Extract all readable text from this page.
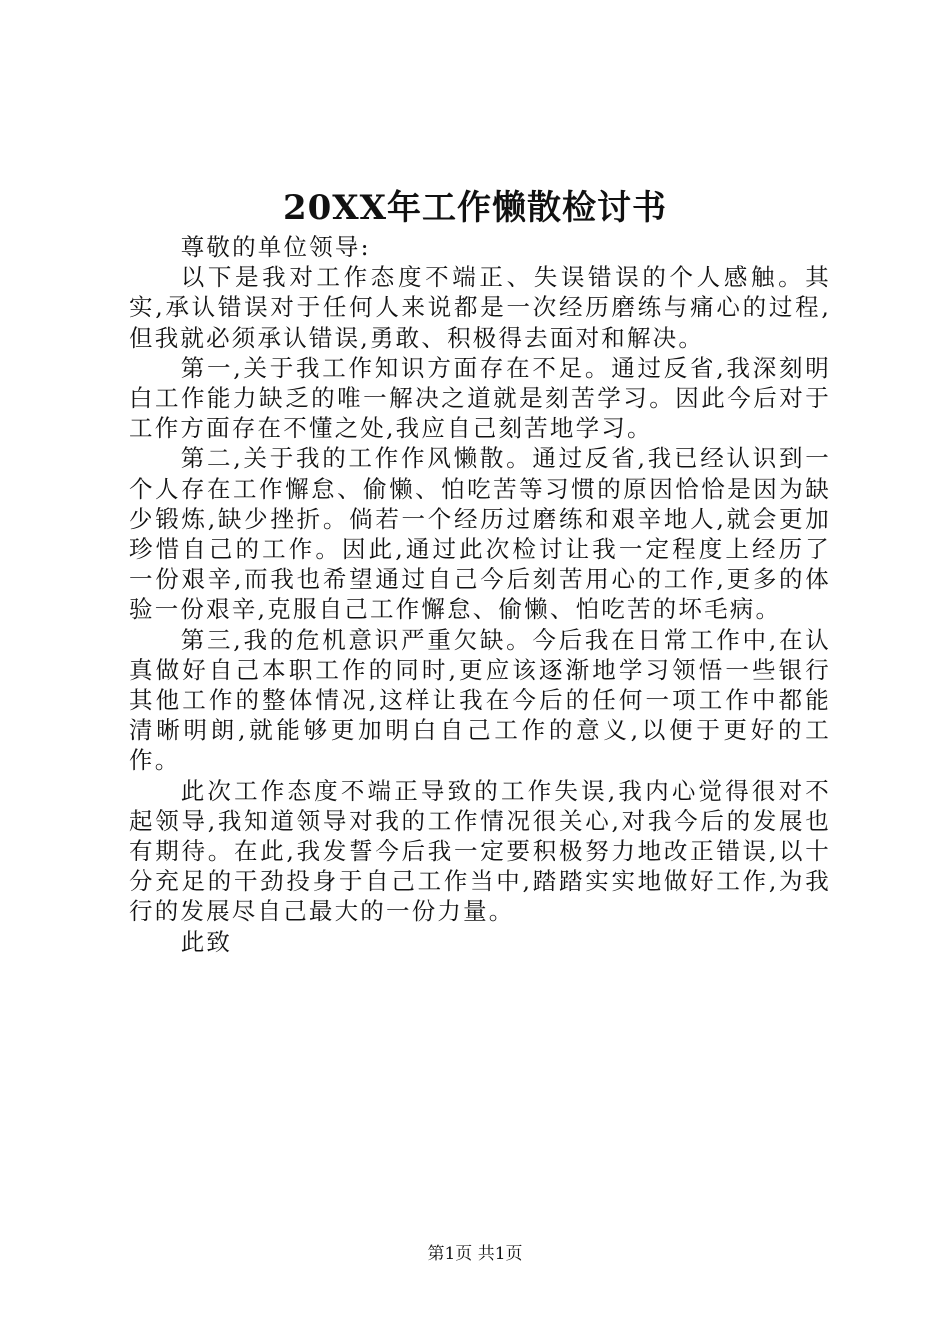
20XX年工作懒散检讨书

尊敬的单位领导:

以下是我对工作态度不端正、失误错误的个人感触。其实,承认错误对于任何人来说都是一次经历磨练与痛心的过程,但我就必须承认错误,勇敢、积极得去面对和解决。

第一,关于我工作知识方面存在不足。通过反省,我深刻明白工作能力缺乏的唯一解决之道就是刻苦学习。因此今后对于工作方面存在不懂之处,我应自己刻苦地学习。

第二,关于我的工作作风懒散。通过反省,我已经认识到一个人存在工作懈怠、偷懒、怕吃苦等习惯的原因恰恰是因为缺少锻炼,缺少挫折。倘若一个经历过磨练和艰辛地人,就会更加珍惜自己的工作。因此,通过此次检讨让我一定程度上经历了一份艰辛,而我也希望通过自己今后刻苦用心的工作,更多的体验一份艰辛,克服自己工作懈怠、偷懒、怕吃苦的坏毛病。

第三,我的危机意识严重欠缺。今后我在日常工作中,在认真做好自己本职工作的同时,更应该逐渐地学习领悟一些银行其他工作的整体情况,这样让我在今后的任何一项工作中都能清晰明朗,就能够更加明白自己工作的意义,以便于更好的工作。

此次工作态度不端正导致的工作失误,我内心觉得很对不起领导,我知道领导对我的工作情况很关心,对我今后的发展也有期待。在此,我发誓今后我一定要积极努力地改正错误,以十分充足的干劲投身于自己工作当中,踏踏实实地做好工作,为我行的发展尽自己最大的一份力量。

此致

第1页 共1页
